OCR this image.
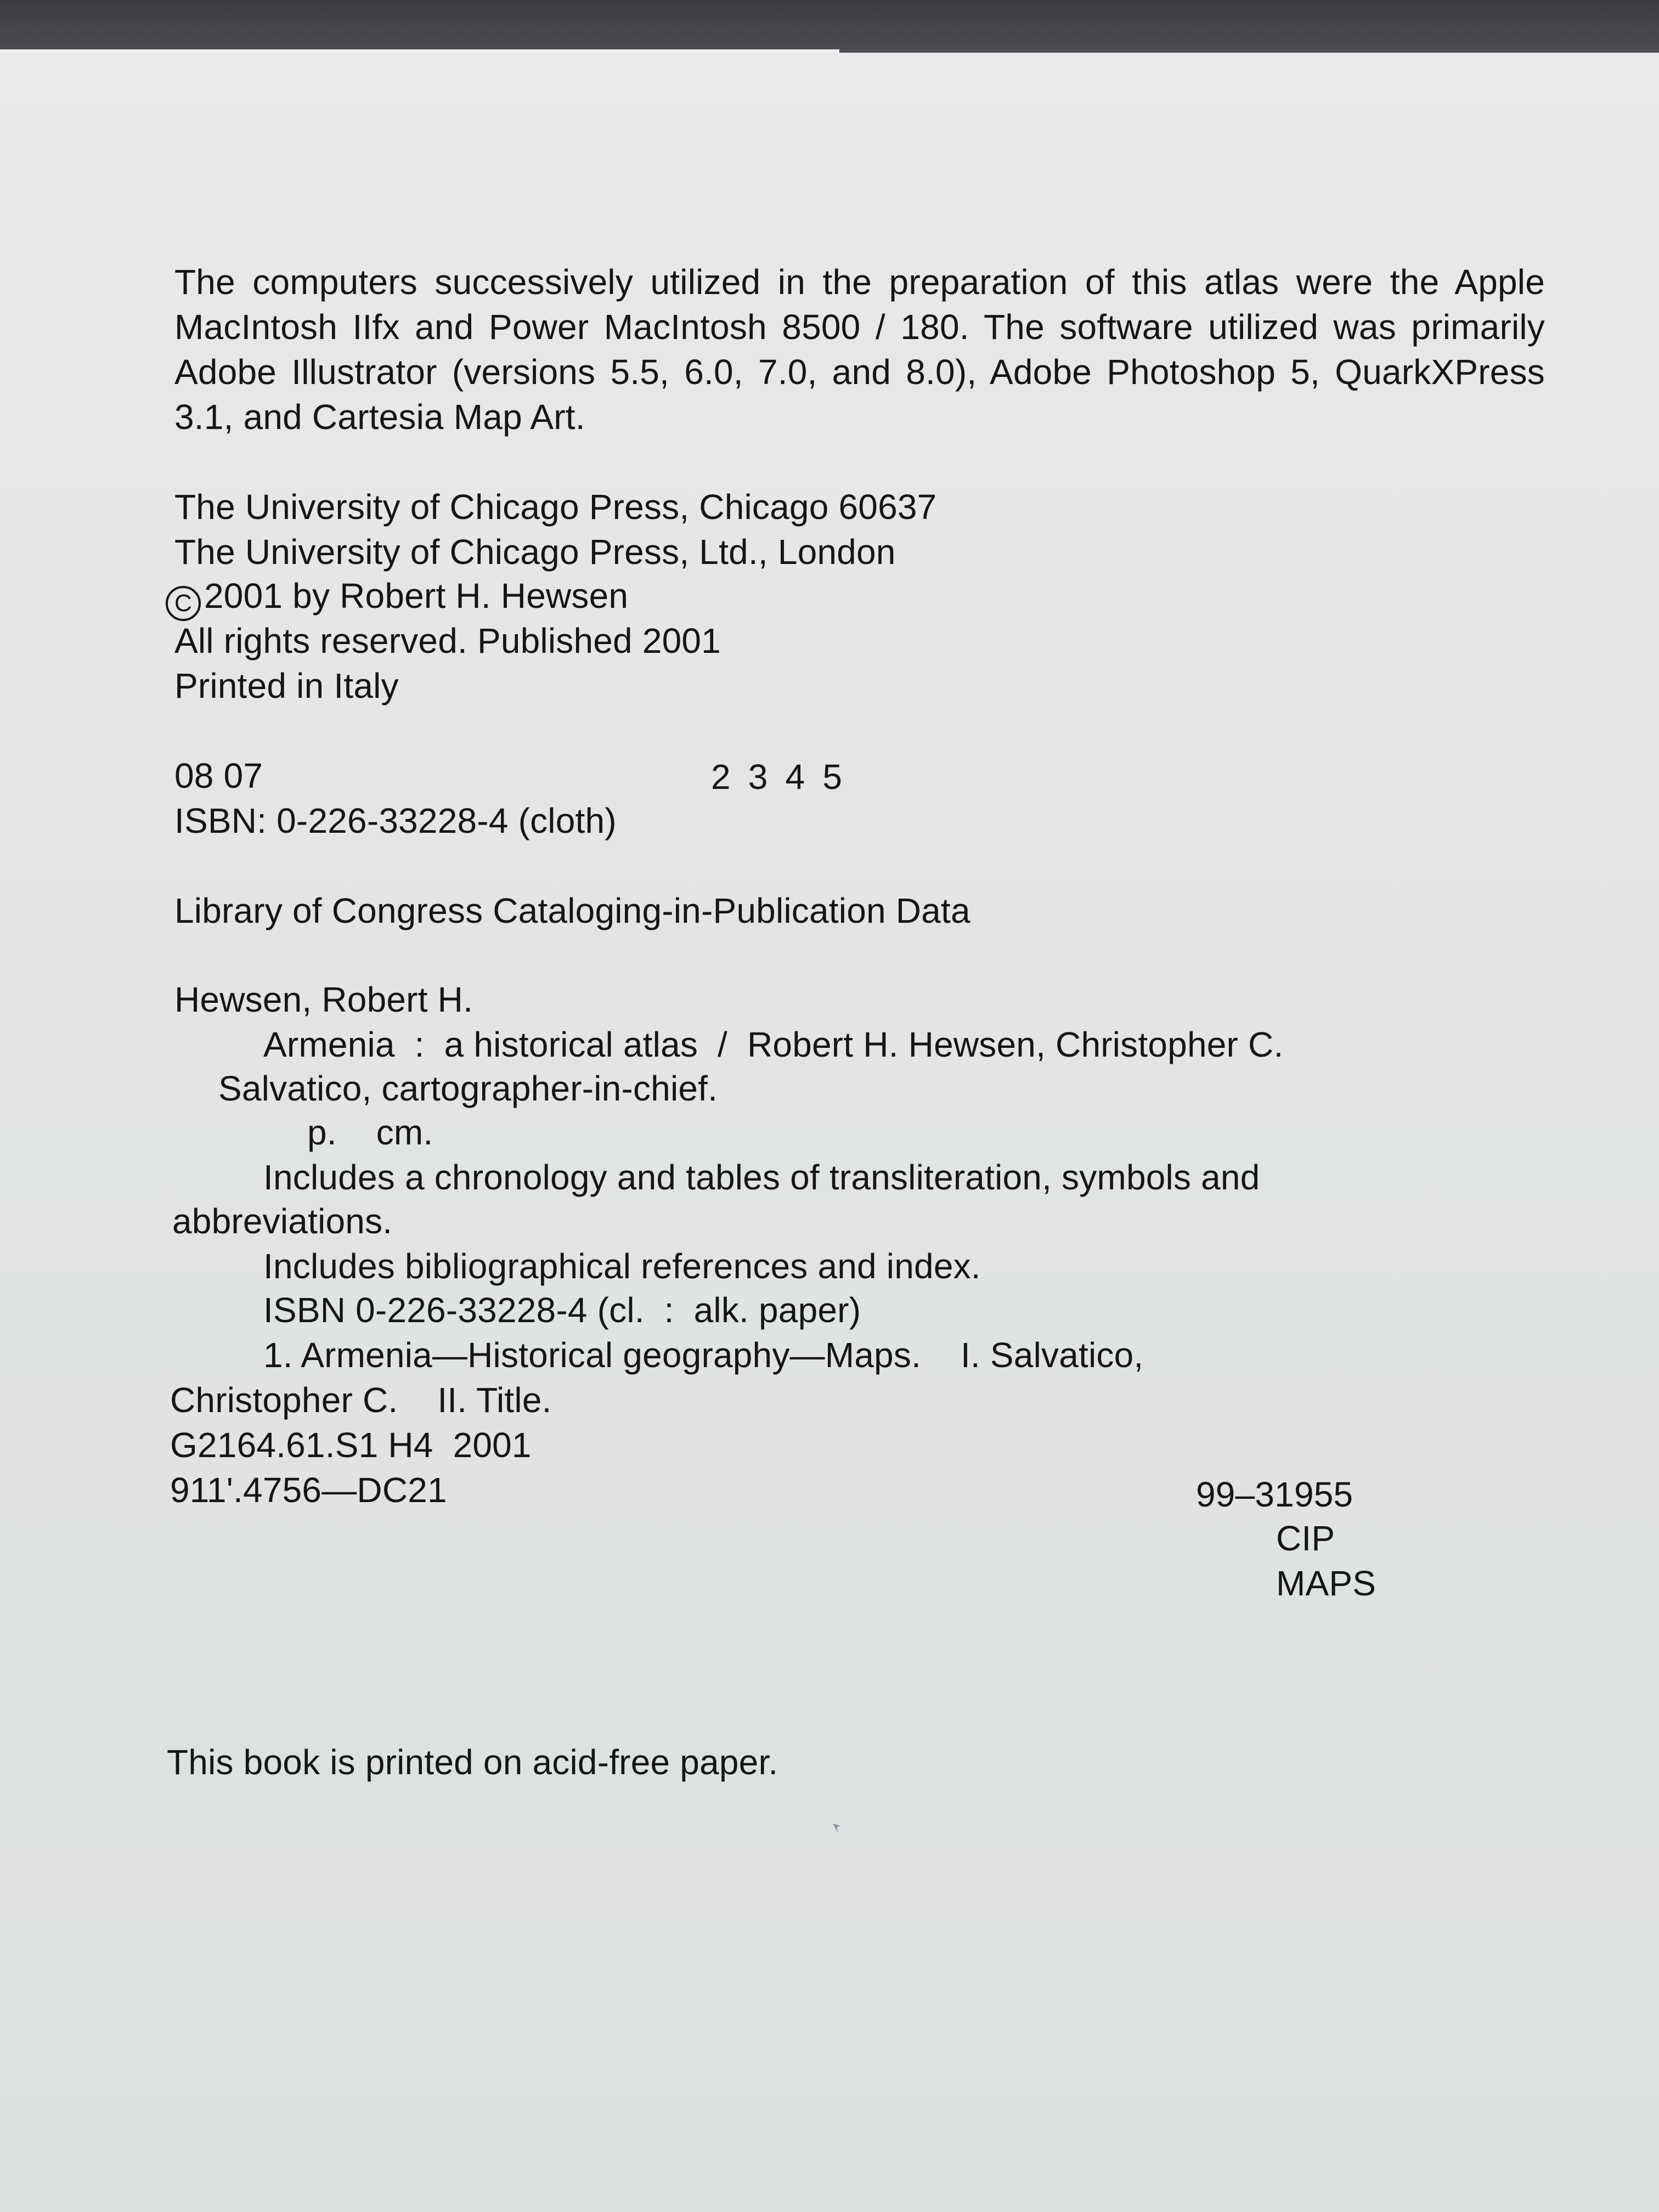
The computers successively utilized in the preparation of this atlas were the Apple
MacIntosh IIfx and Power MacIntosh 8500 / 180. The software utilized was primarily
Adobe Illustrator (versions 5.5, 6.0, 7.0, and 8.0), Adobe Photoshop 5, QuarkXPress
3.1, and Cartesia Map Art.
The University of Chicago Press, Chicago 60637
The University of Chicago Press, Ltd., London
C 2001 by Robert H. Hewsen
All rights reserved. Published 2001
Printed in Italy
08 07	2 3 4 5
ISBN: 0-226-33228-4 (cloth)
Library of Congress Cataloging-in-Publication Data
Hewsen, Robert H.
Armenia  :  a historical atlas  /  Robert H. Hewsen, Christopher C.
Salvatico, cartographer-in-chief.
p.    cm.
Includes a chronology and tables of transliteration, symbols and
abbreviations.
Includes bibliographical references and index.
ISBN 0-226-33228-4 (cl.  :  alk. paper)
1. Armenia—Historical geography—Maps.    I. Salvatico,
Christopher C.    II. Title.
G2164.61.S1 H4  2001
911'.4756—DC21	99–31955
CIP
MAPS
This book is printed on acid-free paper.
